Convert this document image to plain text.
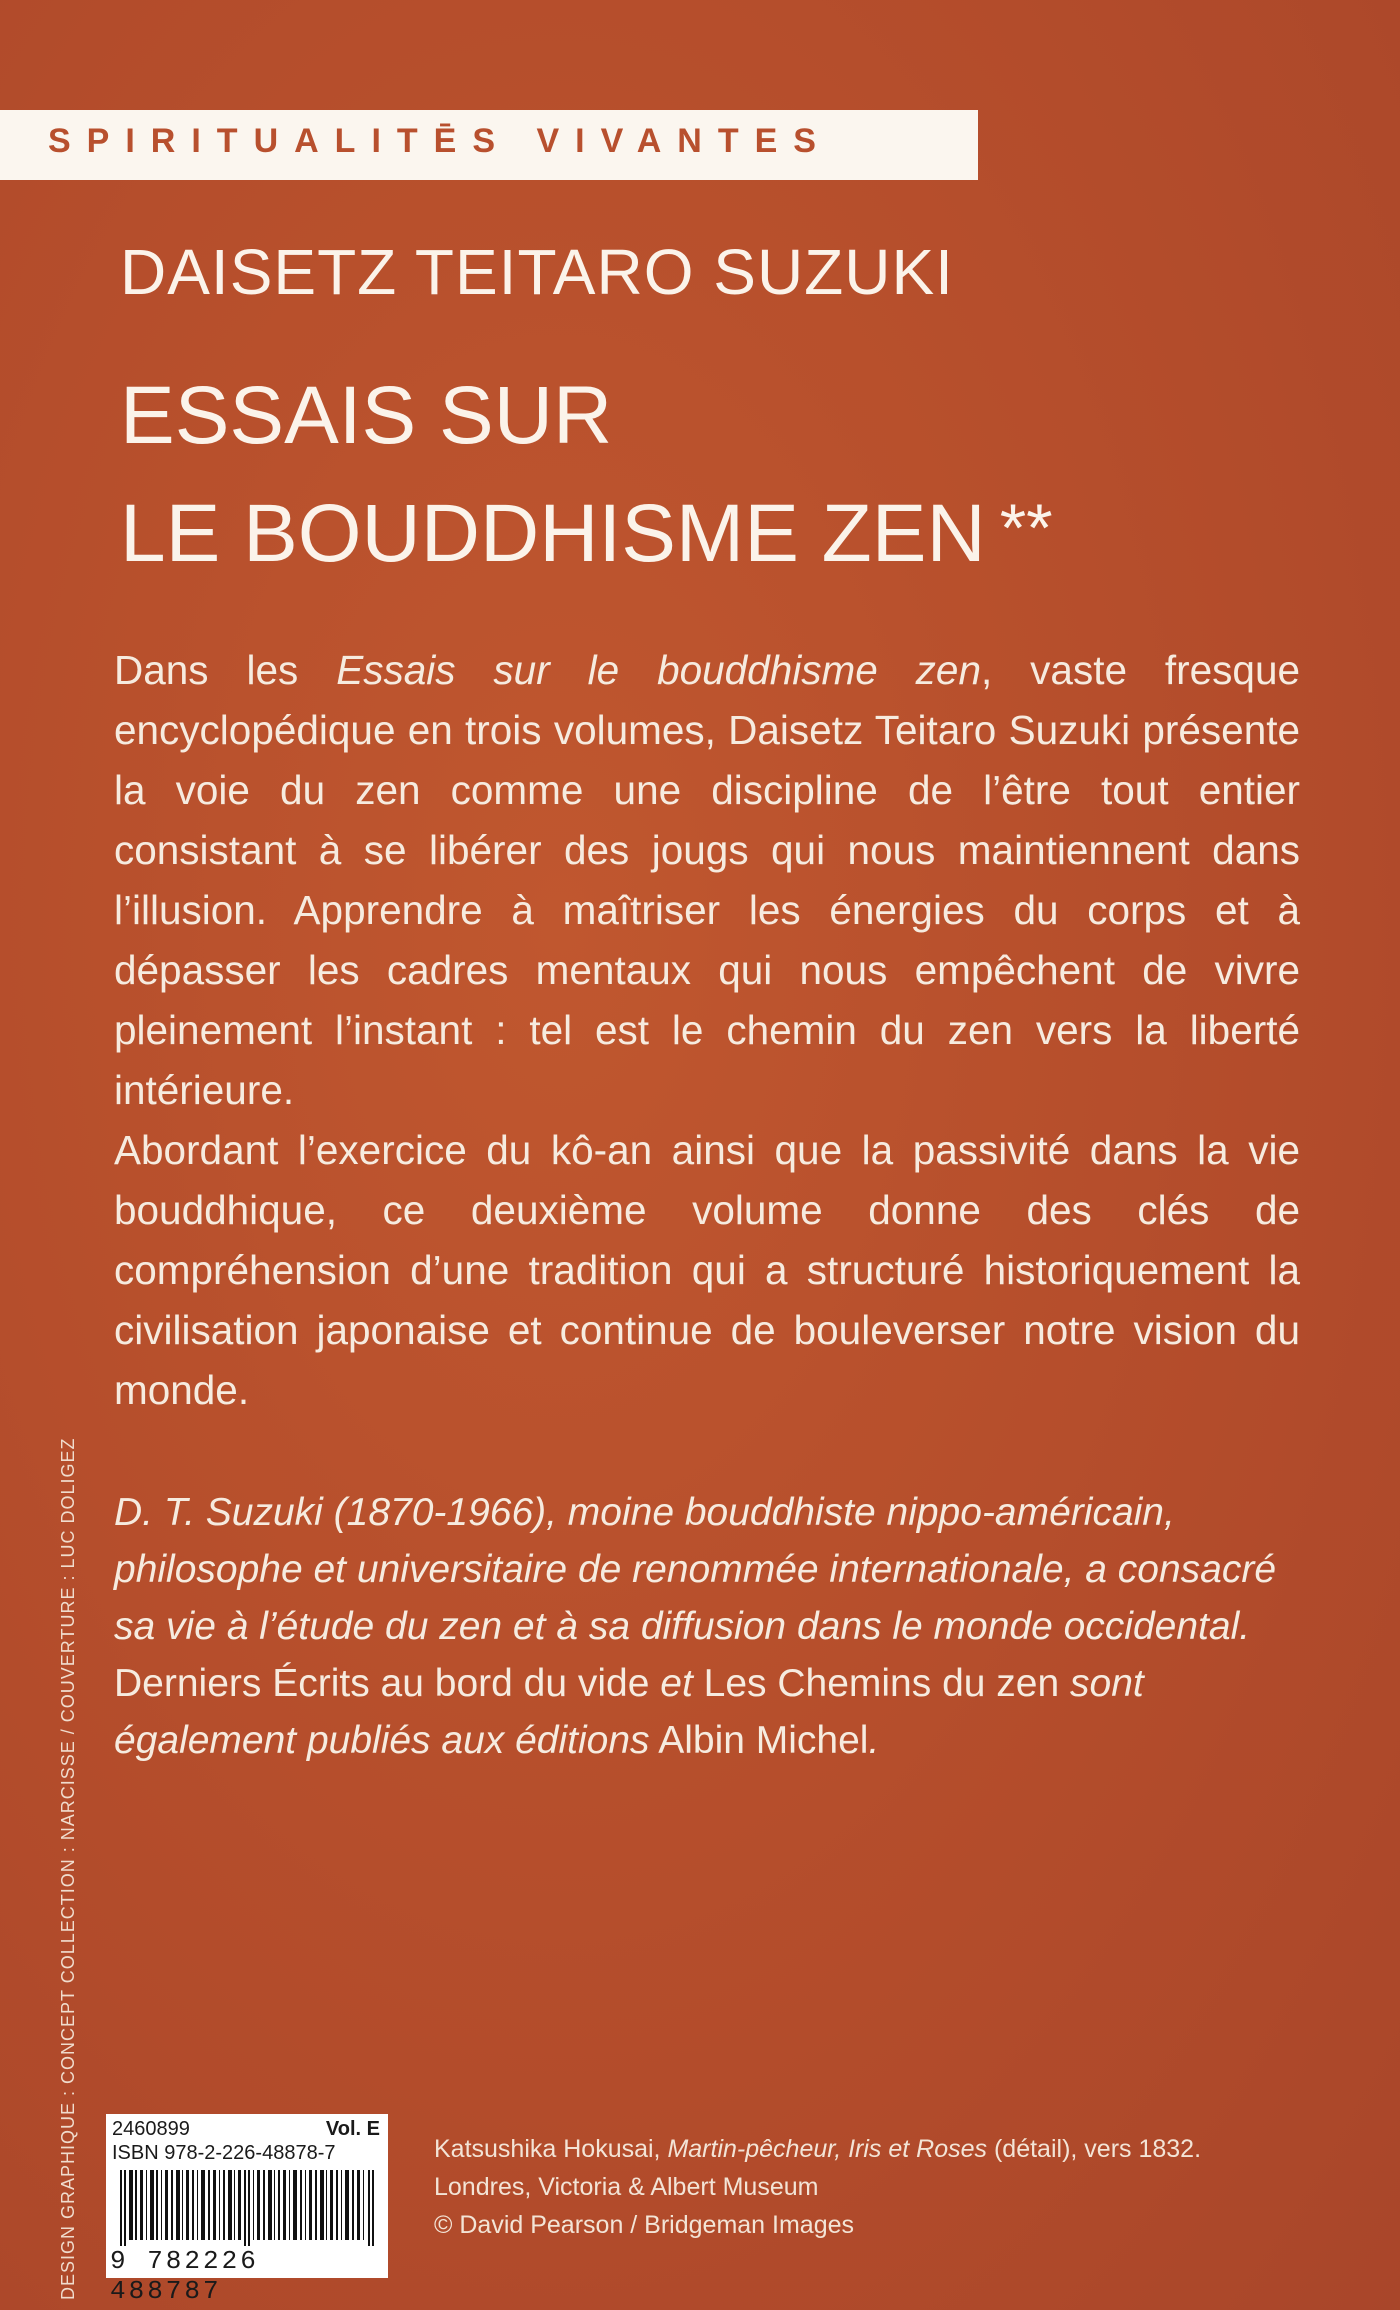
SPIRITUALITĒS VIVANTES
DAISETZ TEITARO SUZUKI
ESSAIS SUR
LE BOUDDHISME ZEN **

Dans les Essais sur le bouddhisme zen, vaste fresque encyclopédique en trois volumes, Daisetz Teitaro Suzuki présente la voie du zen comme une discipline de l’être tout entier consistant à se libérer des jougs qui nous maintiennent dans l’illusion. Apprendre à maîtriser les énergies du corps et à dépasser les cadres mentaux qui nous empêchent de vivre pleinement l’instant : tel est le chemin du zen vers la liberté intérieure.

Abordant l’exercice du kô-an ainsi que la passivité dans la vie bouddhique, ce deuxième volume donne des clés de compréhension d’une tradition qui a structuré historiquement la civilisation japonaise et continue de bouleverser notre vision du monde.

D. T. Suzuki (1870-1966), moine bouddhiste nippo-américain, philosophe et universitaire de renommée internationale, a consacré sa vie à l’étude du zen et à sa diffusion dans le monde occidental. Derniers Écrits au bord du vide et Les Chemins du zen sont également publiés aux éditions Albin Michel.

DESIGN GRAPHIQUE : CONCEPT COLLECTION : NARCISSE / COUVERTURE : LUC DOLIGEZ 2460899	Vol. E
ISBN 978-2-226-48878-7
9 782226 488787
Katsushika Hokusai, Martin-pêcheur, Iris et Roses (détail), vers 1832.
Londres, Victoria & Albert Museum
© David Pearson / Bridgeman Images
